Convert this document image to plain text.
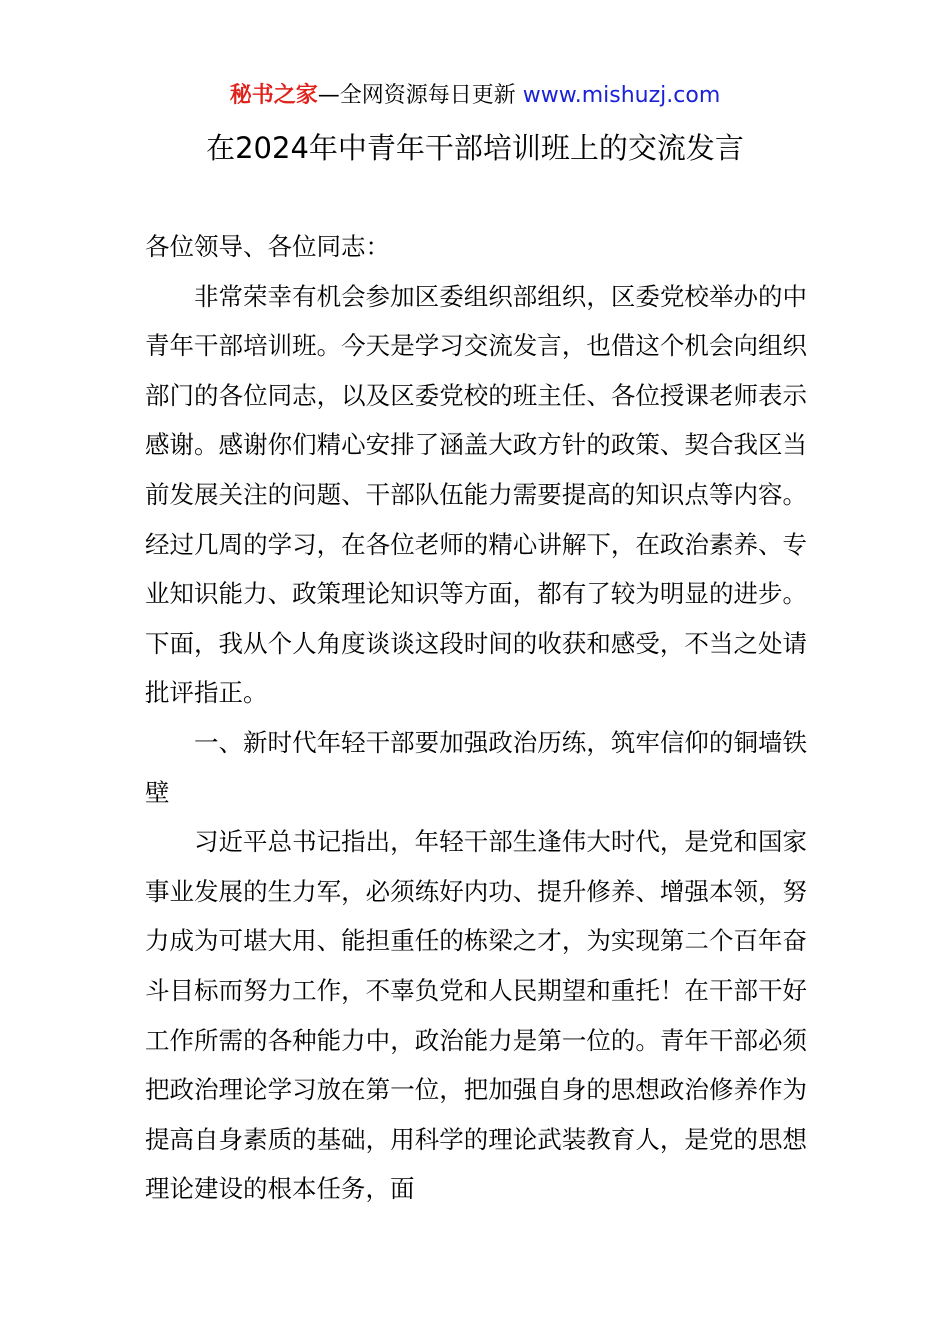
秘书之家—全网资源每日更新 www.mishuzj.com
在2024年中青年干部培训班上的交流发言

各位领导、各位同志：

非常荣幸有机会参加区委组织部组织，区委党校举办的中青年干部培训班。今天是学习交流发言，也借这个机会向组织部门的各位同志，以及区委党校的班主任、各位授课老师表示感谢。感谢你们精心安排了涵盖大政方针的政策、契合我区当前发展关注的问题、干部队伍能力需要提高的知识点等内容。经过几周的学习，在各位老师的精心讲解下，在政治素养、专业知识能力、政策理论知识等方面，都有了较为明显的进步。下面，我从个人角度谈谈这段时间的收获和感受，不当之处请批评指正。

一、新时代年轻干部要加强政治历练，筑牢信仰的铜墙铁壁

习近平总书记指出，年轻干部生逢伟大时代，是党和国家事业发展的生力军，必须练好内功、提升修养、增强本领，努力成为可堪大用、能担重任的栋梁之才，为实现第二个百年奋斗目标而努力工作，不辜负党和人民期望和重托！在干部干好工作所需的各种能力中，政治能力是第一位的。青年干部必须把政治理论学习放在第一位，把加强自身的思想政治修养作为提高自身素质的基础，用科学的理论武装教育人，是党的思想理论建设的根本任务，面
